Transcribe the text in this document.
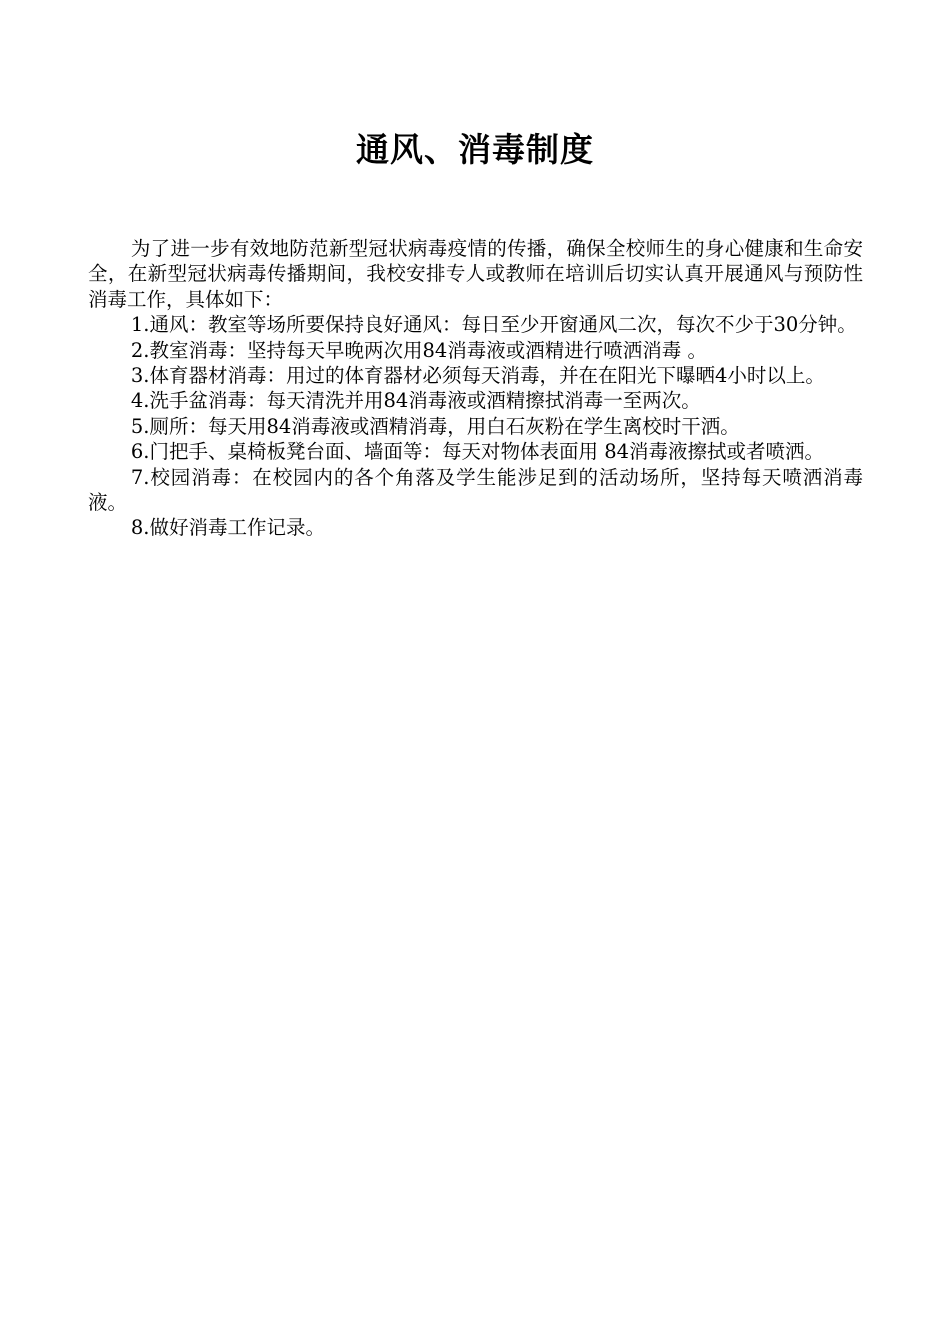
通风、消毒制度

为了进一步有效地防范新型冠状病毒疫情的传播，确保全校师生的身心健康和生命安全，在新型冠状病毒传播期间，我校安排专人或教师在培训后切实认真开展通风与预防性消毒工作，具体如下：

1.通风：教室等场所要保持良好通风：每日至少开窗通风二次，每次不少于30分钟。

2.教室消毒：坚持每天早晚两次用84消毒液或酒精进行喷洒消毒 。

3.体育器材消毒：用过的体育器材必须每天消毒，并在在阳光下曝晒4小时以上。

4.洗手盆消毒：每天清洗并用84消毒液或酒精擦拭消毒一至两次。

5.厕所：每天用84消毒液或酒精消毒，用白石灰粉在学生离校时干洒。

6.门把手、桌椅板凳台面、墙面等：每天对物体表面用 84消毒液擦拭或者喷洒。

7.校园消毒：在校园内的各个角落及学生能涉足到的活动场所，坚持每天喷洒消毒液。

8.做好消毒工作记录。
